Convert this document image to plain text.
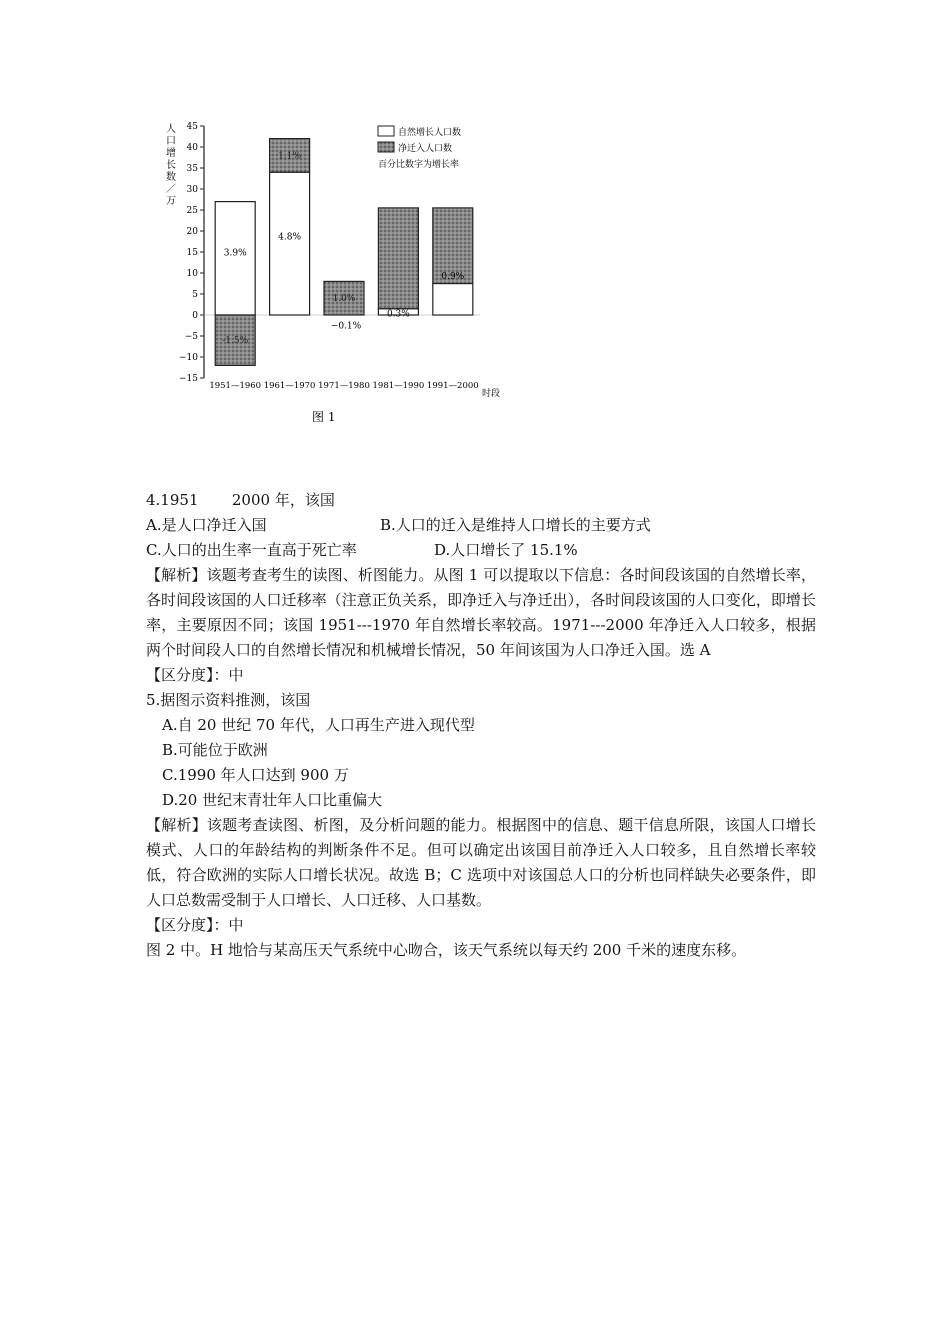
−15
−10
−5
0
5
10
15
20
25
30
35
40
45
3.9%
-1.5%
1951—1960
4.8%
1.1%
1961—1970
1.0%
1971—1980
0.3%
1981—1990
0.9%
1991—2000
−0.1%
人
口
增
长
数
／
万
自然增长人口数
净迁入人口数
百分比数字为增长率
时段
图 1
4.1951 2000 年，该国
A.是人口净迁入国	B.人口的迁入是维持人口增长的主要方式
C.人口的出生率一直高于死亡率	D.人口增长了 15.1%
【解析】该题考查考生的读图、析图能力。从图 1 可以提取以下信息：各时间段该国的自然增长率，各时间段该国的人口迁移率（注意正负关系，即净迁入与净迁出），各时间段该国的人口变化，即增长率，主要原因不同；该国 1951---1970 年自然增长率较高。1971---2000 年净迁入人口较多，根据两个时间段人口的自然增长情况和机械增长情况，50 年间该国为人口净迁入国。选 A
【区分度】：中
5.据图示资料推测，该国
A.自 20 世纪 70 年代，人口再生产进入现代型
B.可能位于欧洲
C.1990 年人口达到 900 万
D.20 世纪末青壮年人口比重偏大
【解析】该题考查读图、析图，及分析问题的能力。根据图中的信息、题干信息所限，该国人口增长模式、人口的年龄结构的判断条件不足。但可以确定出该国目前净迁入人口较多，且自然增长率较低，符合欧洲的实际人口增长状况。故选 B；C 选项中对该国总人口的分析也同样缺失必要条件，即人口总数需受制于人口增长、人口迁移、人口基数。
【区分度】：中
图 2 中。H 地恰与某高压天气系统中心吻合，该天气系统以每天约 200 千米的速度东移。
